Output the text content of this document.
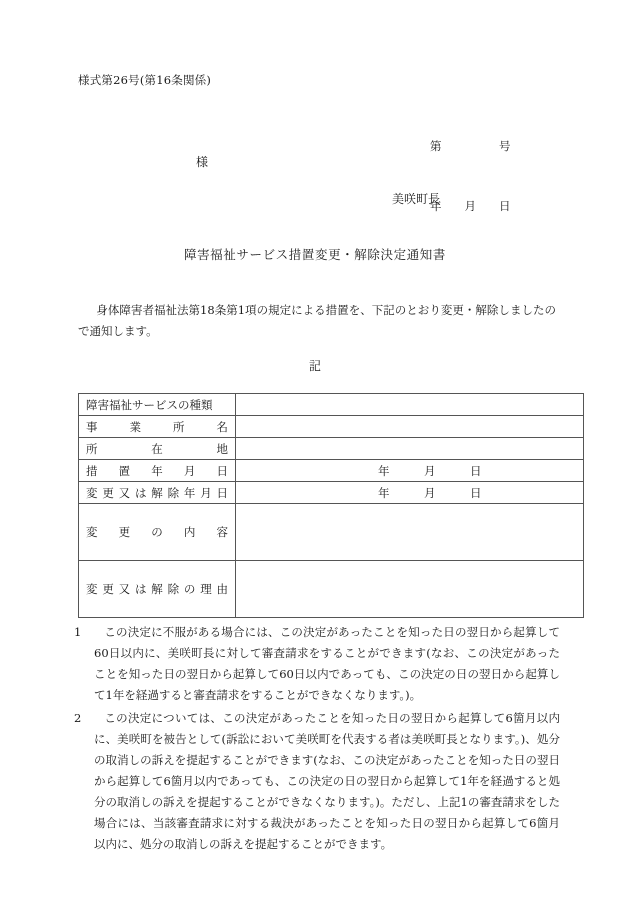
様式第26号(第16条関係)

第　　　　　号

年　　月　　日

様
美咲町長
障害福祉サービス措置変更・解除決定通知書
身体障害者福祉法第18条第1項の規定による措置を、下記のとおり変更・解除しましたので通知します。
記
障害福祉サービスの種類	

事 業 所 名	

所 在 地	

措 置 年 月 日	年　　　月　　　日

変 更 又 は 解 除 年 月 日	年　　　月　　　日

変 更 の 内 容	

変 更 又 は 解 除 の 理 由

1	この決定に不服がある場合には、この決定があったことを知った日の翌日から起算して60日以内に、美咲町長に対して審査請求をすることができます(なお、この決定があったことを知った日の翌日から起算して60日以内であっても、この決定の日の翌日から起算して1年を経過すると審査請求をすることができなくなります。)。
2	この決定については、この決定があったことを知った日の翌日から起算して6箇月以内に、美咲町を被告として(訴訟において美咲町を代表する者は美咲町長となります。)、処分の取消しの訴えを提起することができます(なお、この決定があったことを知った日の翌日から起算して6箇月以内であっても、この決定の日の翌日から起算して1年を経過すると処分の取消しの訴えを提起することができなくなります。)。ただし、上記1の審査請求をした場合には、当該審査請求に対する裁決があったことを知った日の翌日から起算して6箇月以内に、処分の取消しの訴えを提起することができます。
